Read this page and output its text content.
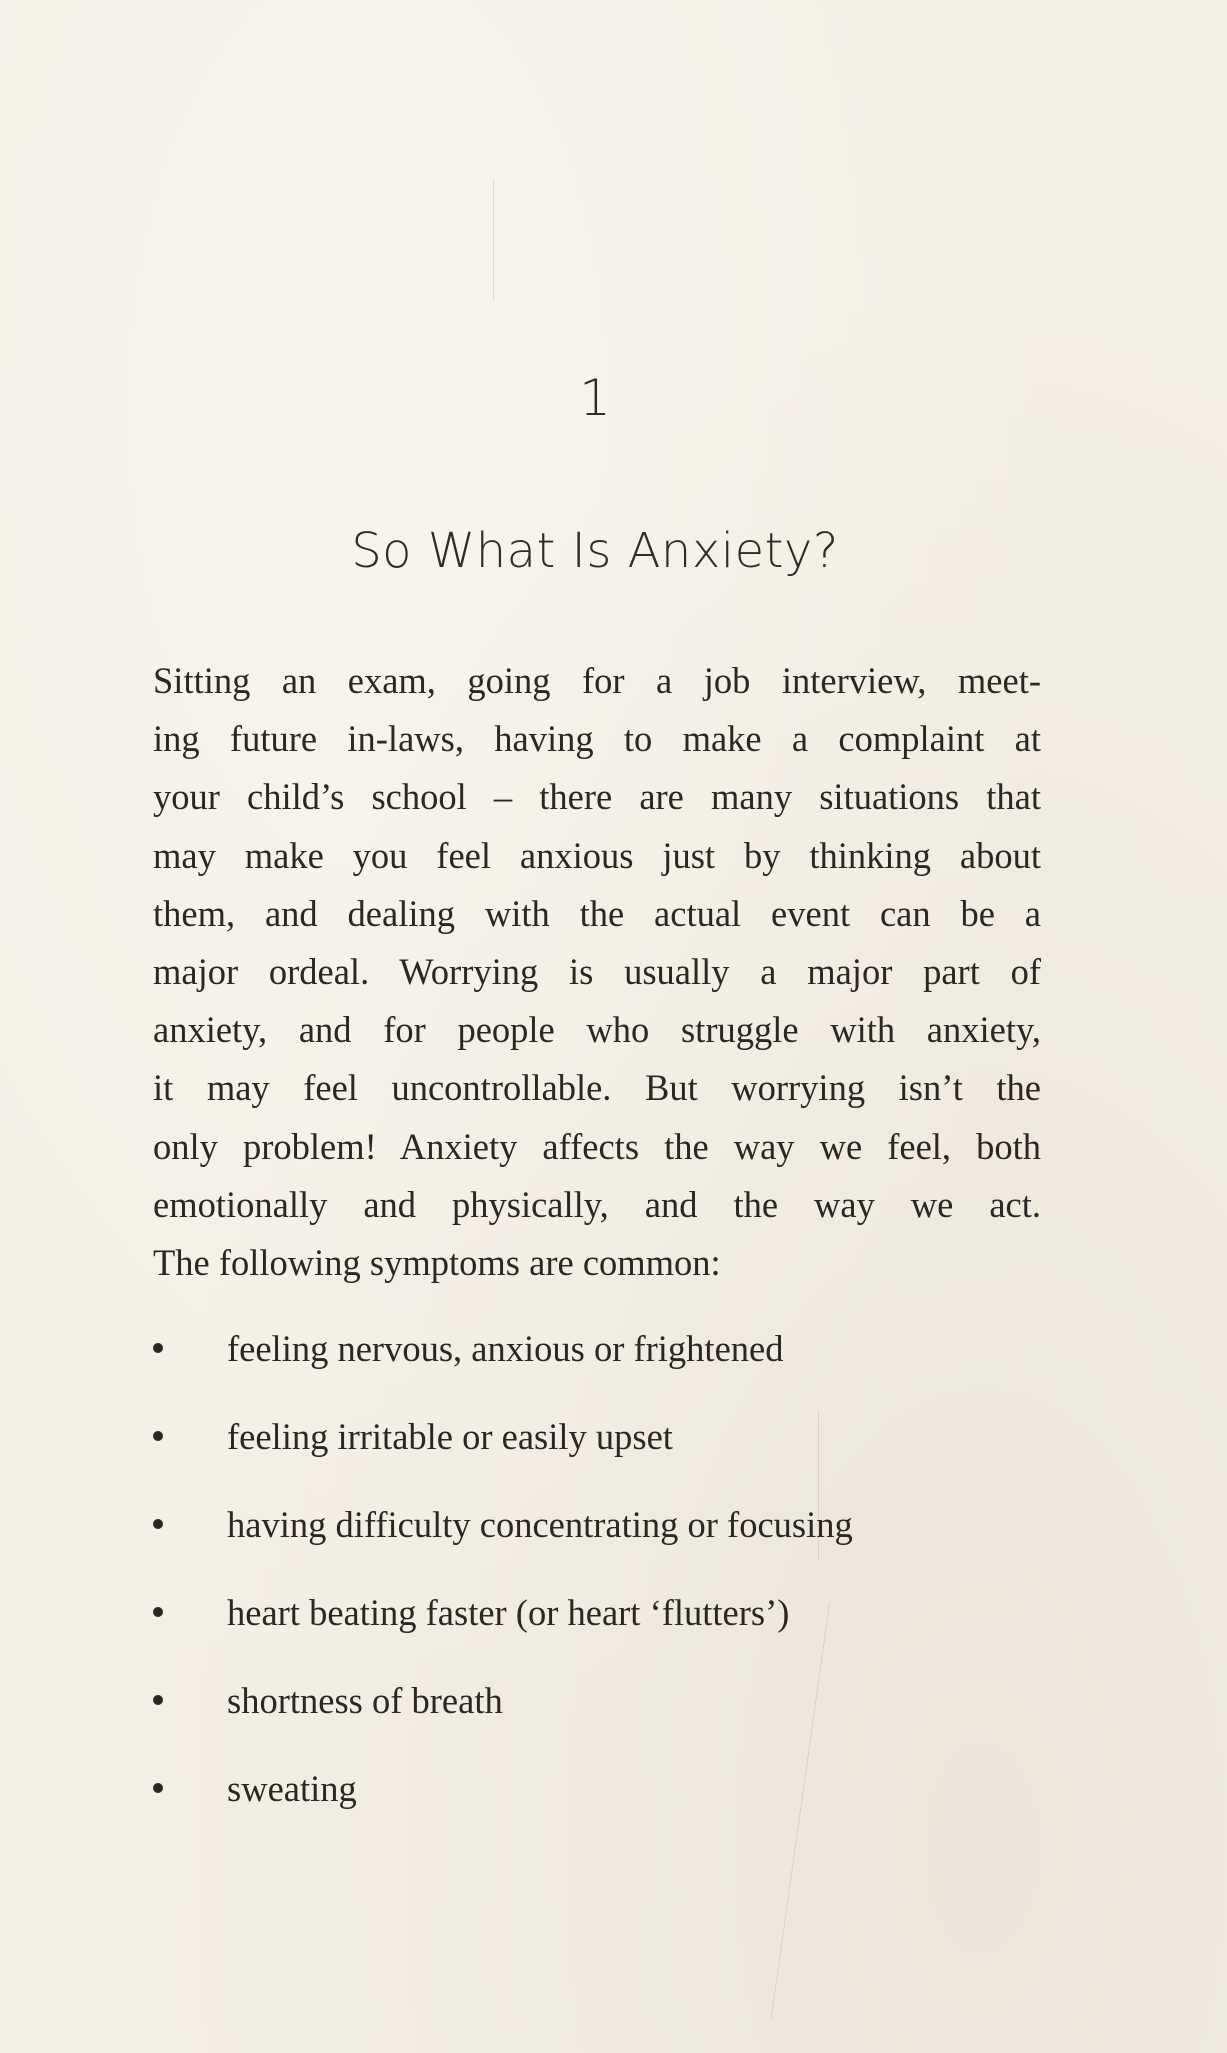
1
So What Is Anxiety?
Sitting an exam, going for a job interview, meet-
ing future in-laws, having to make a complaint at
your child’s school – there are many situations that
may make you feel anxious just by thinking about
them, and dealing with the actual event can be a
major ordeal. Worrying is usually a major part of
anxiety, and for people who struggle with anxiety,
it may feel uncontrollable. But worrying isn’t the
only problem! Anxiety affects the way we feel, both
emotionally and physically, and the way we act.
The following symptoms are common:
feeling nervous, anxious or frightened
feeling irritable or easily upset
having difficulty concentrating or focusing
heart beating faster (or heart ‘flutters’)
shortness of breath
sweating
